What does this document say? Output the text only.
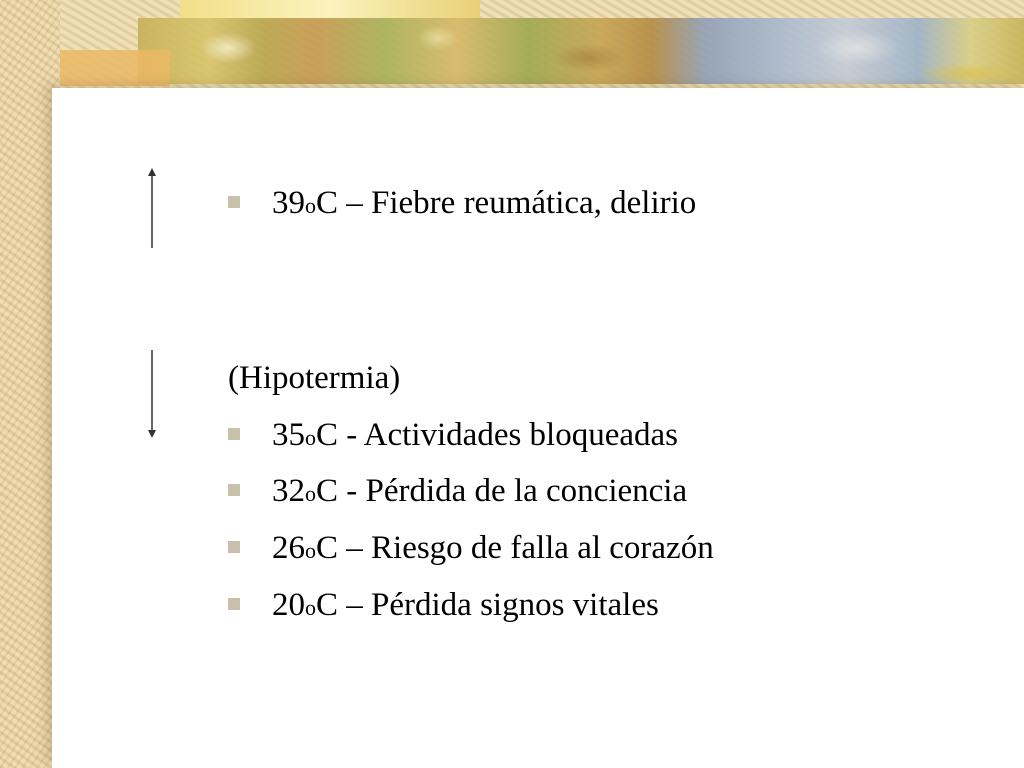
39oC – Fiebre reumática, delirio
(Hipotermia)
35oC - Actividades bloqueadas
32oC - Pérdida de la conciencia
26oC – Riesgo de falla al corazón
20oC – Pérdida signos vitales
